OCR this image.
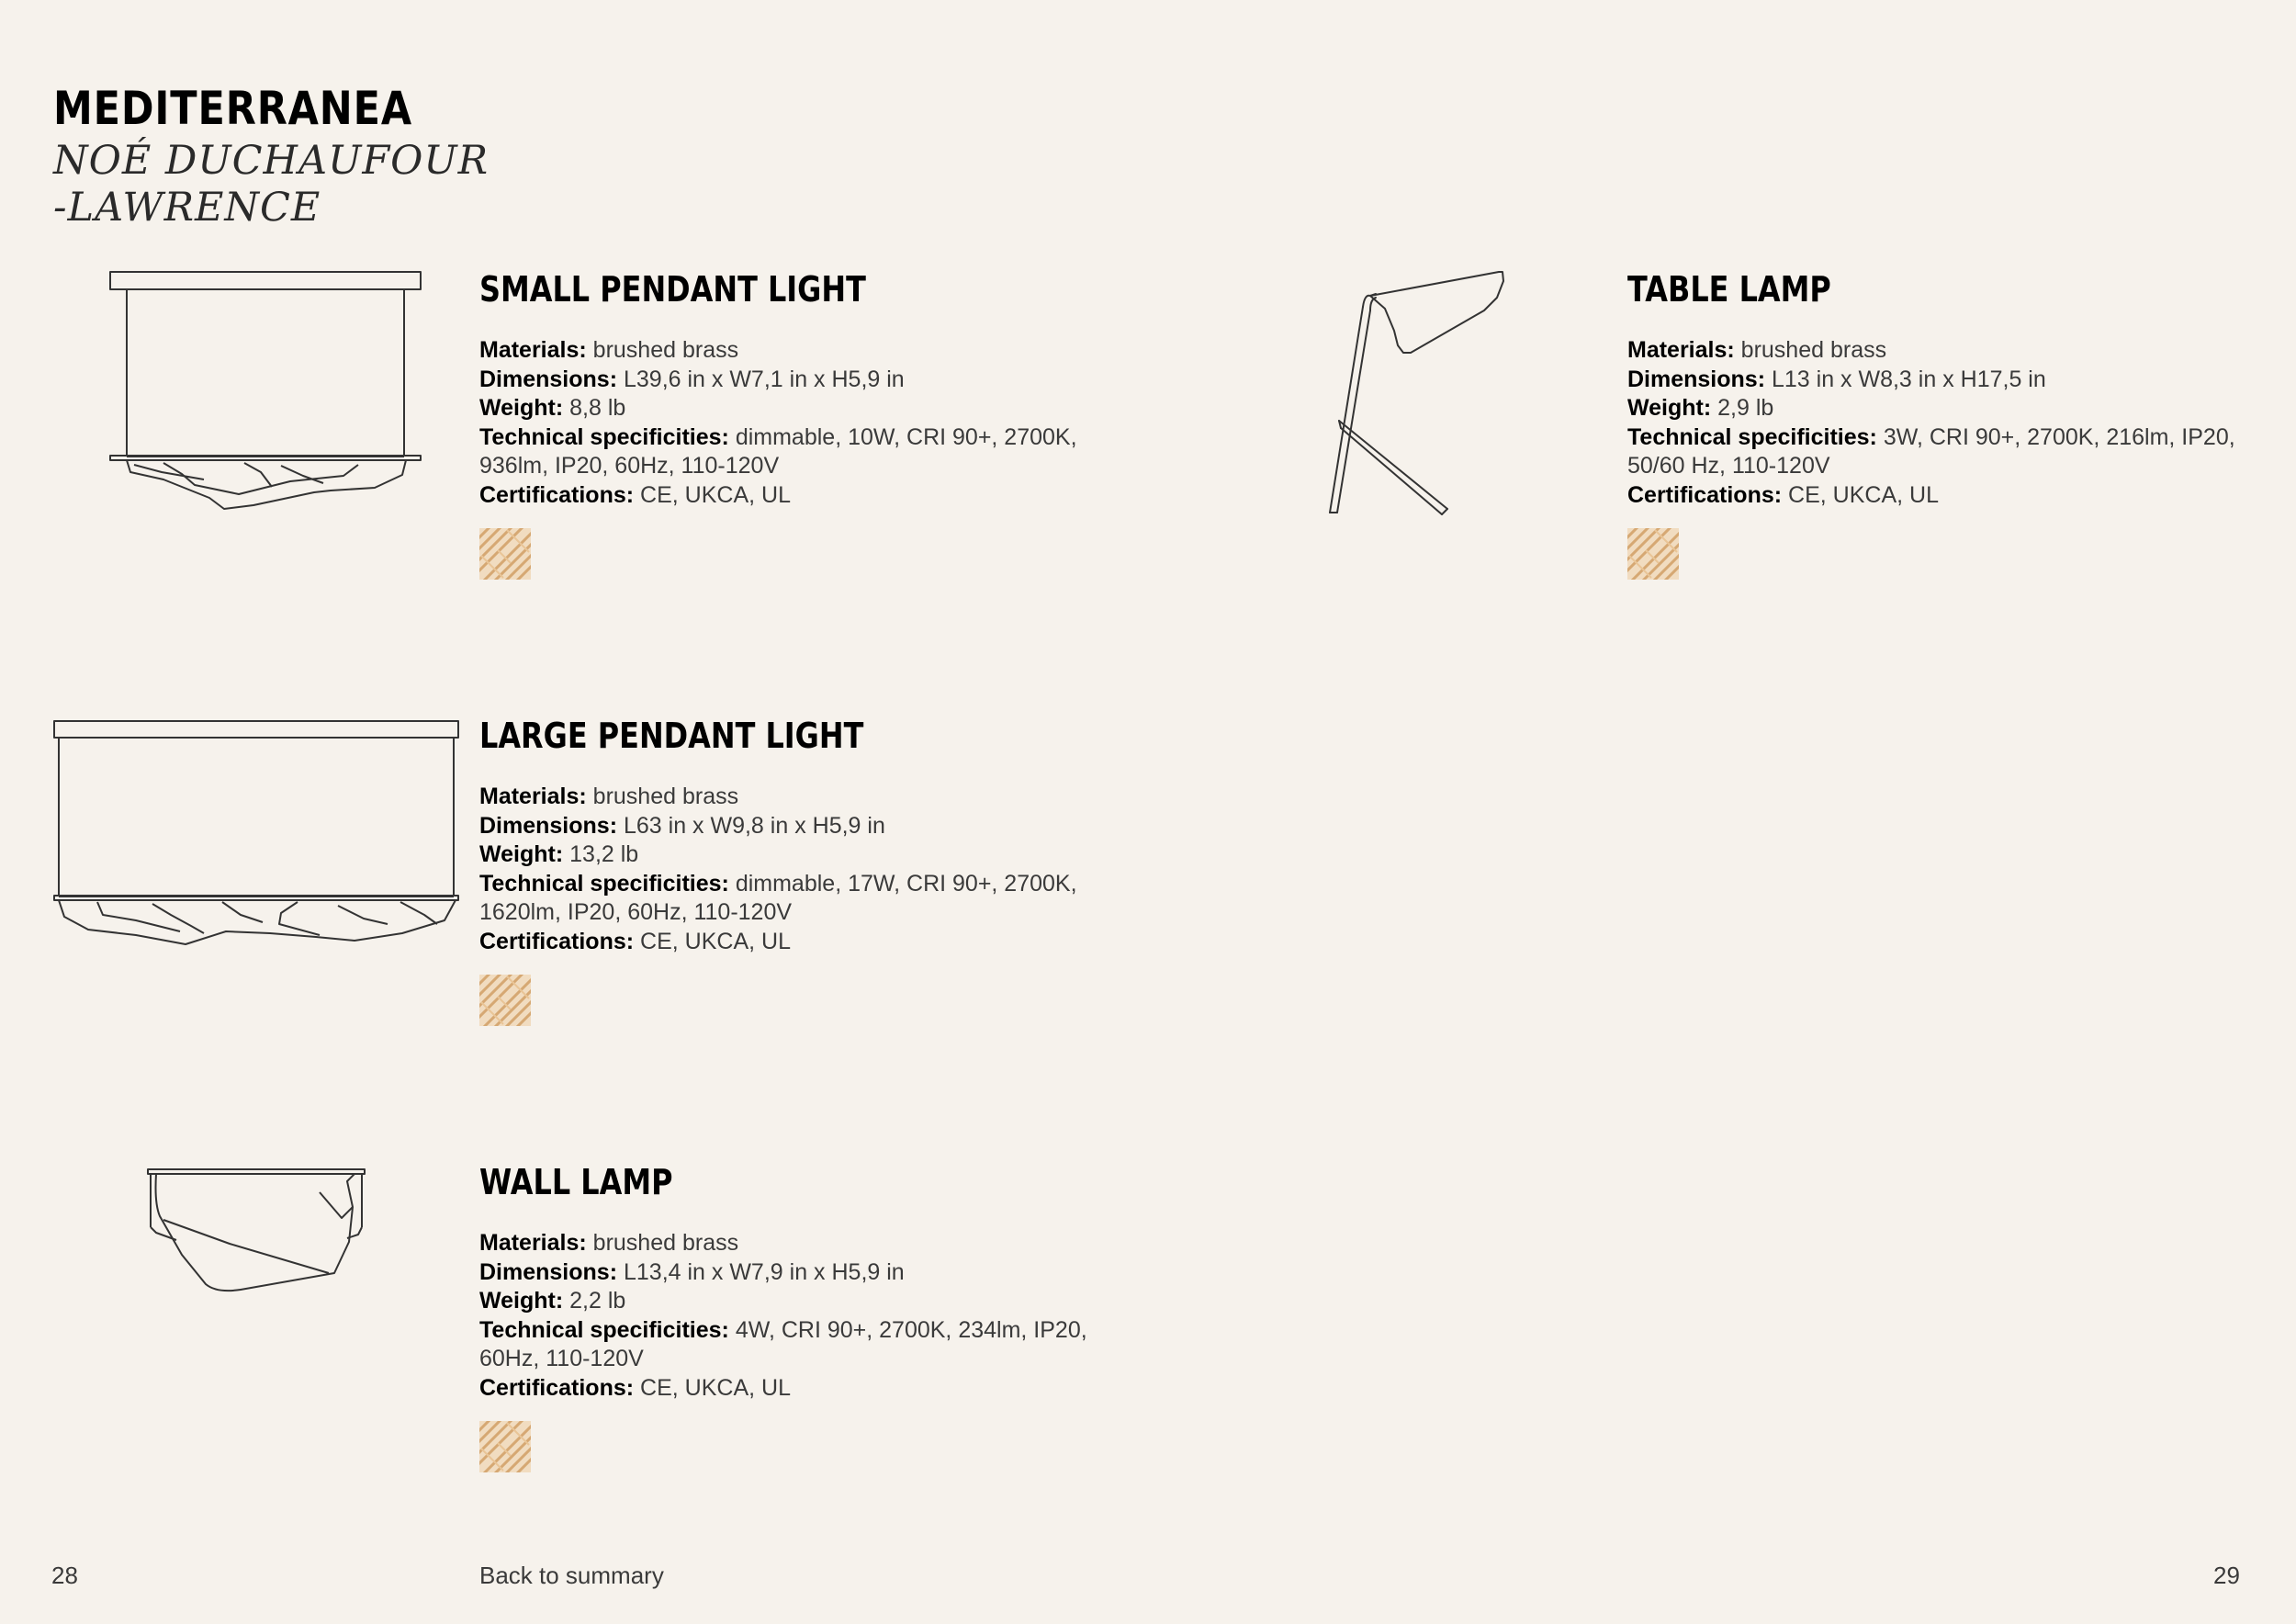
MEDITERRANEA

NOÉ DUCHAUFOUR
-LAWRENCE

SMALL PENDANT LIGHT

Materials: brushed brass

Dimensions: L39,6 in x W7,1 in x H5,9 in

Weight: 8,8 lb

Technical specificities: dimmable, 10W, CRI 90+, 2700K,
936lm, IP20, 60Hz, 110-120V

Certifications: CE, UKCA, UL

TABLE LAMP

Materials: brushed brass

Dimensions: L13 in x W8,3 in x H17,5 in

Weight: 2,9 lb

Technical specificities: 3W, CRI 90+, 2700K, 216lm, IP20,
50/60 Hz, 110-120V

Certifications: CE, UKCA, UL

LARGE PENDANT LIGHT

Materials: brushed brass

Dimensions: L63 in x W9,8 in x H5,9 in

Weight: 13,2 lb

Technical specificities: dimmable, 17W, CRI 90+, 2700K,
1620lm, IP20, 60Hz, 110-120V

Certifications: CE, UKCA, UL

WALL LAMP

Materials: brushed brass

Dimensions: L13,4 in x W7,9 in x H5,9 in

Weight: 2,2 lb

Technical specificities: 4W, CRI 90+, 2700K, 234lm, IP20,
60Hz, 110-120V

Certifications: CE, UKCA, UL

28	Back to summary	29
